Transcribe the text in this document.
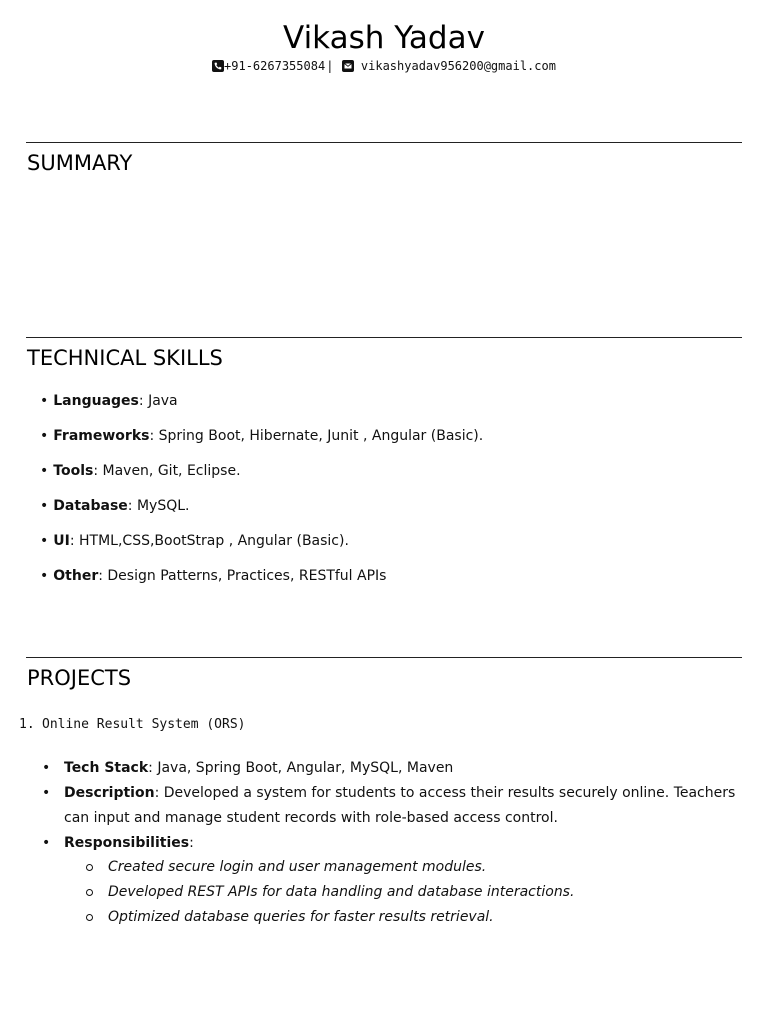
Vikash Yadav
+91-6267355084| vikashyadav956200@gmail.com
SUMMARY
TECHNICAL SKILLS
• Languages: Java
• Frameworks: Spring Boot, Hibernate, Junit , Angular (Basic).
• Tools: Maven, Git, Eclipse.
• Database: MySQL.
• UI: HTML,CSS,BootStrap , Angular (Basic).
• Other: Design Patterns, Practices, RESTful APIs
PROJECTS
1. Online Result System (ORS)
• Tech Stack: Java, Spring Boot, Angular, MySQL, Maven
• Description: Developed a system for students to access their results securely online. Teachers can input and manage student records with role-based access control.
• Responsibilities:
Created secure login and user management modules.
Developed REST APIs for data handling and database interactions.
Optimized database queries for faster results retrieval.
